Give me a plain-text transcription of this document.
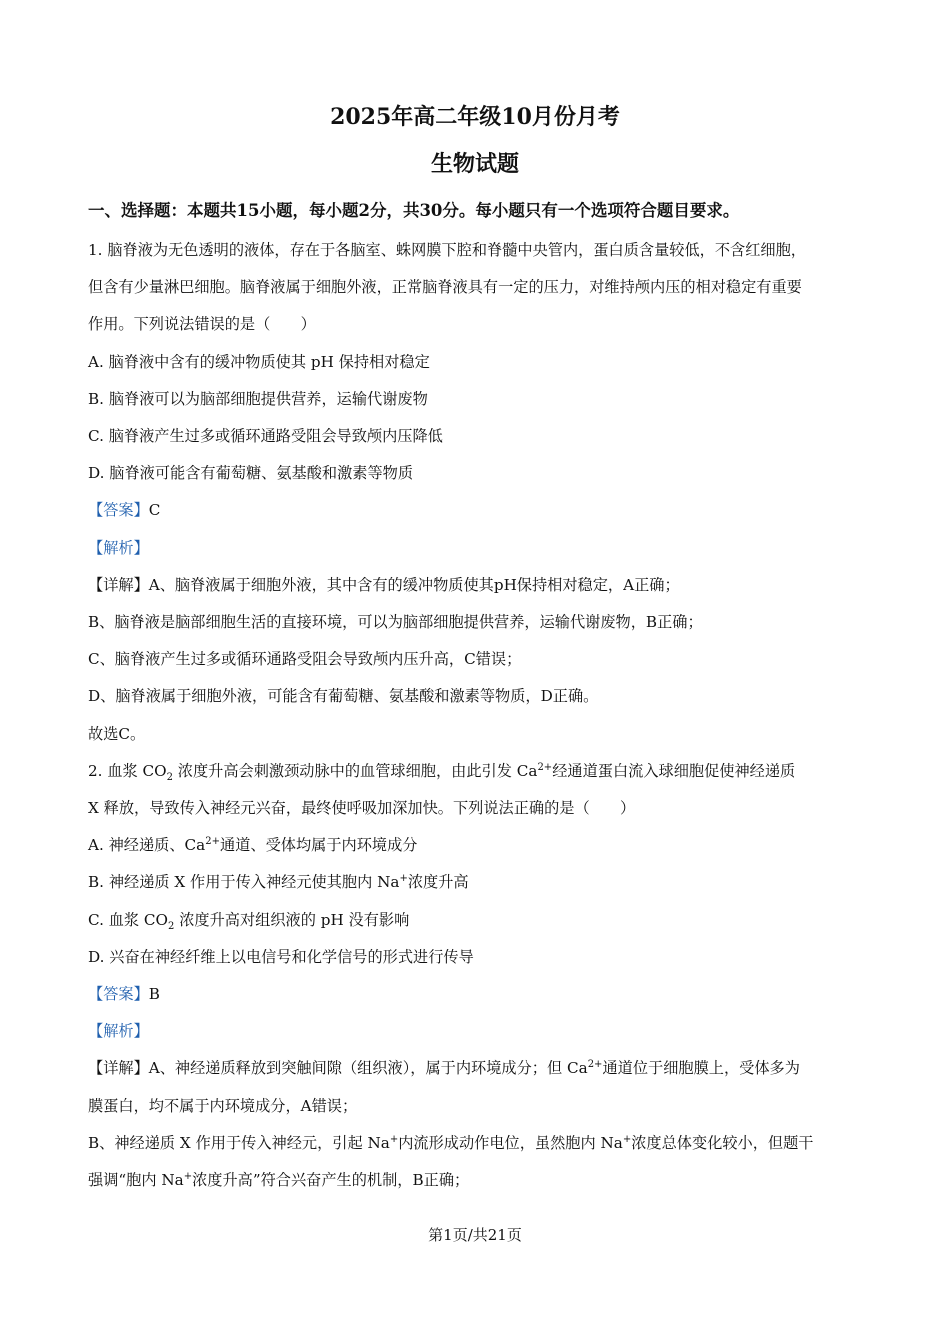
2025年高二年级10月份月考
生物试题
一、选择题：本题共15小题，每小题2分，共30分。每小题只有一个选项符合题目要求。

1. 脑脊液为无色透明的液体，存在于各脑室、蛛网膜下腔和脊髓中央管内，蛋白质含量较低，不含红细胞，

但含有少量淋巴细胞。脑脊液属于细胞外液，正常脑脊液具有一定的压力，对维持颅内压的相对稳定有重要

作用。下列说法错误的是（　　）

A. 脑脊液中含有的缓冲物质使其 pH 保持相对稳定

B. 脑脊液可以为脑部细胞提供营养，运输代谢废物

C. 脑脊液产生过多或循环通路受阻会导致颅内压降低

D. 脑脊液可能含有葡萄糖、氨基酸和激素等物质

【答案】C

【解析】

【详解】A、脑脊液属于细胞外液，其中含有的缓冲物质使其pH保持相对稳定，A正确；

B、脑脊液是脑部细胞生活的直接环境，可以为脑部细胞提供营养，运输代谢废物，B正确；

C、脑脊液产生过多或循环通路受阻会导致颅内压升高，C错误；

D、脑脊液属于细胞外液，可能含有葡萄糖、氨基酸和激素等物质，D正确。

故选C。

2. 血浆 $CO_2$ 浓度升高会刺激颈动脉中的血管球细胞，由此引发 $Ca^{2+}$经通道蛋白流入球细胞促使神经递质

X 释放，导致传入神经元兴奋，最终使呼吸加深加快。下列说法正确的是（　　）

A. 神经递质、$Ca^{2+}$通道、受体均属于内环境成分

B. 神经递质 X 作用于传入神经元使其胞内 Na+浓度升高

C. 血浆 $CO_2$ 浓度升高对组织液的 pH 没有影响

D. 兴奋在神经纤维上以电信号和化学信号的形式进行传导

【答案】B

【解析】

【详解】A、神经递质释放到突触间隙（组织液），属于内环境成分；但 $Ca^{2+}$通道位于细胞膜上，受体多为

膜蛋白，均不属于内环境成分，A错误；

B、神经递质 X 作用于传入神经元，引起 Na+内流形成动作电位，虽然胞内 Na+浓度总体变化较小，但题干

强调“胞内 Na+浓度升高”符合兴奋产生的机制，B正确；

第1页/共21页
